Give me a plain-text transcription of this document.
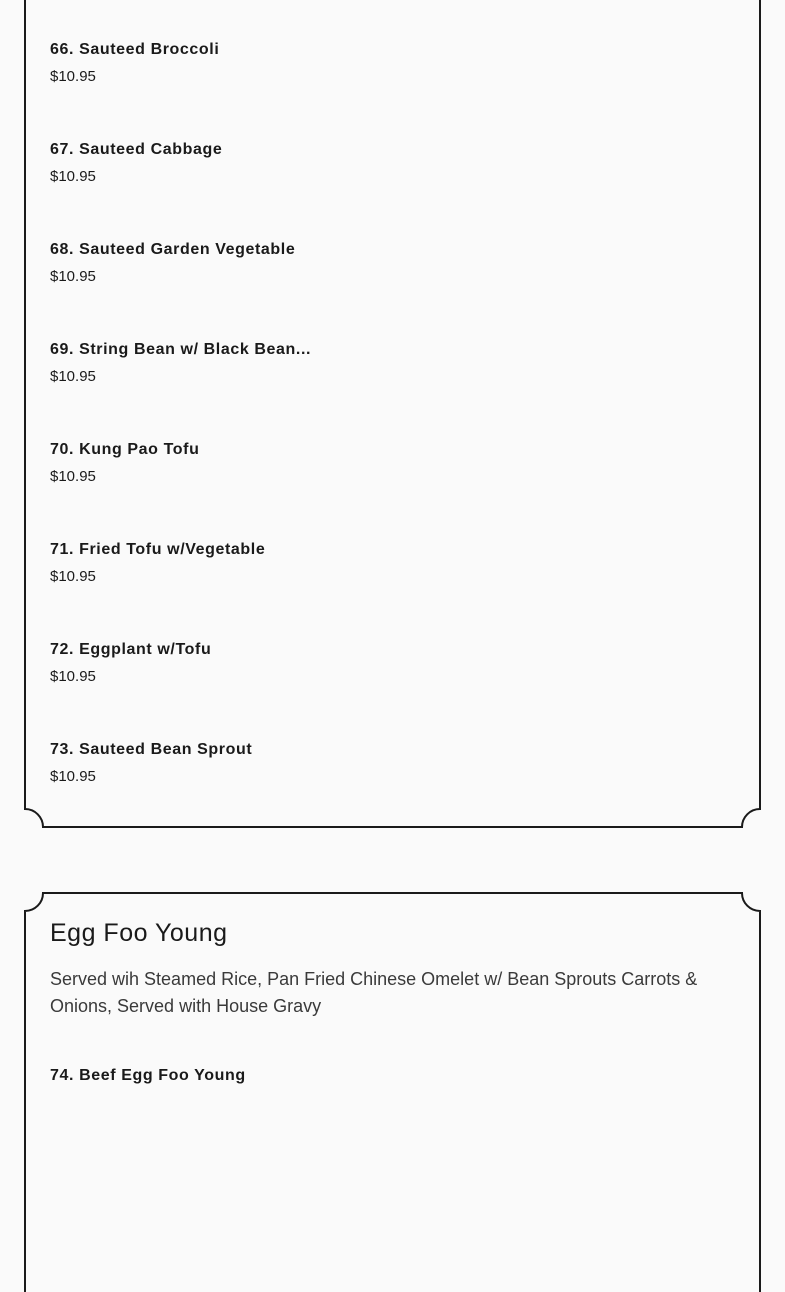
66. Sauteed Broccoli
$10.95
67. Sauteed Cabbage
$10.95
68. Sauteed Garden Vegetable
$10.95
69. String Bean w/ Black Bean...
$10.95
70. Kung Pao Tofu
$10.95
71. Fried Tofu w/Vegetable
$10.95
72. Eggplant w/Tofu
$10.95
73. Sauteed Bean Sprout
$10.95
Egg Foo Young

Served wih Steamed Rice, Pan Fried Chinese Omelet w/ Bean Sprouts Carrots & Onions, Served with House Gravy

74. Beef Egg Foo Young
